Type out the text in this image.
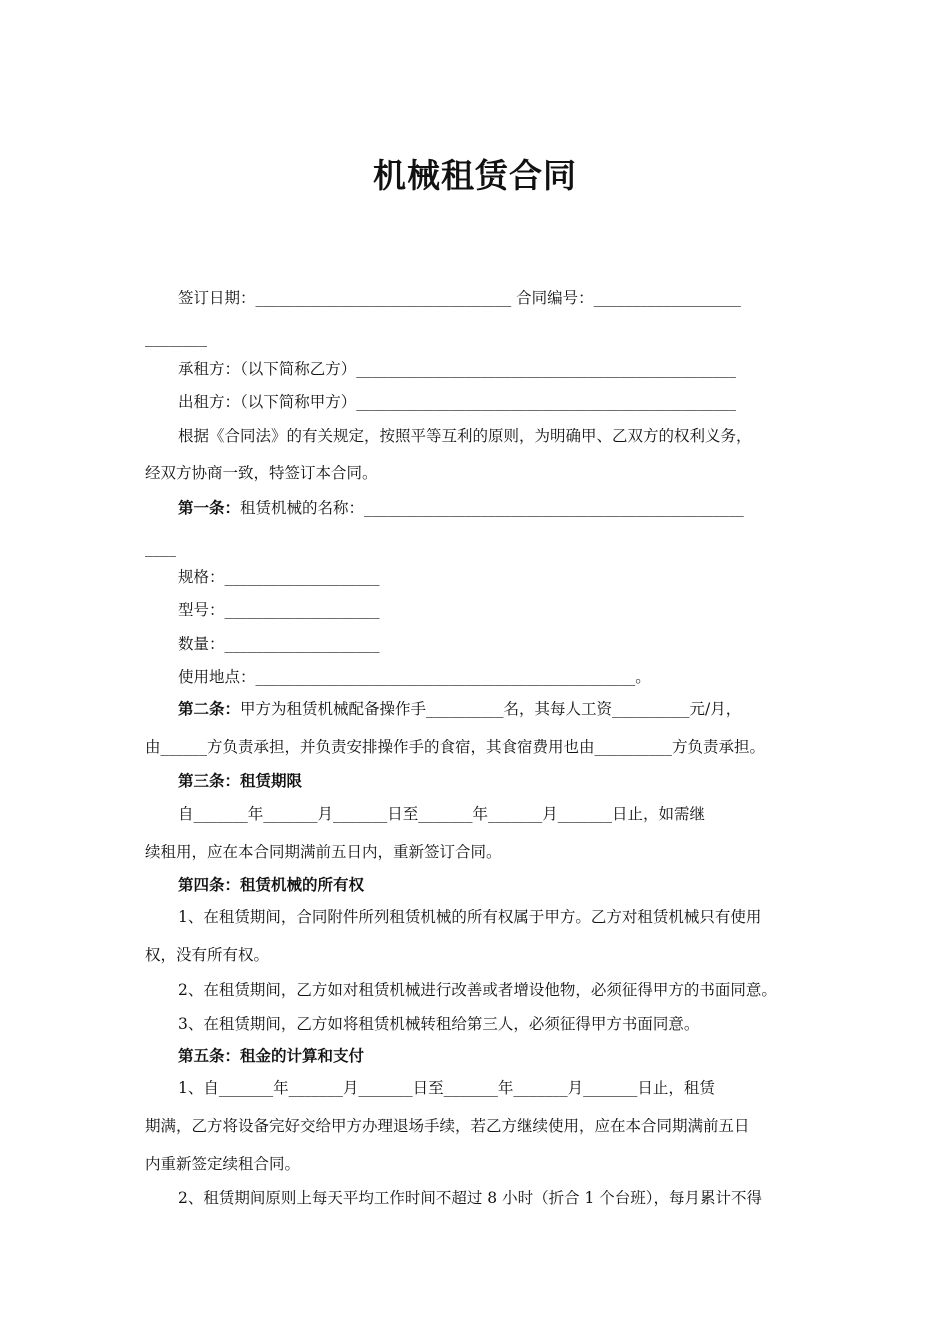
机械租赁合同
签订日期：_________________________________ 合同编号：___________________
________
承租方：（以下简称乙方）_________________________________________________
出租方：（以下简称甲方）_________________________________________________
根据《合同法》的有关规定，按照平等互利的原则，为明确甲、乙双方的权利义务，
经双方协商一致，特签订本合同。
第一条：租赁机械的名称：_________________________________________________
____
规格：____________________
型号：____________________
数量：____________________
使用地点：_________________________________________________。
第二条：甲方为租赁机械配备操作手__________名，其每人工资__________元/月，
由______方负责承担，并负责安排操作手的食宿，其食宿费用也由__________方负责承担。
第三条：租赁期限
自_______年_______月_______日至_______年_______月_______日止，如需继
续租用，应在本合同期满前五日内，重新签订合同。
第四条：租赁机械的所有权
1、在租赁期间，合同附件所列租赁机械的所有权属于甲方。乙方对租赁机械只有使用
权，没有所有权。
2、在租赁期间，乙方如对租赁机械进行改善或者增设他物，必须征得甲方的书面同意。
3、在租赁期间，乙方如将租赁机械转租给第三人，必须征得甲方书面同意。
第五条：租金的计算和支付
1、自_______年_______月_______日至_______年_______月_______日止，租赁
期满，乙方将设备完好交给甲方办理退场手续，若乙方继续使用，应在本合同期满前五日
内重新签定续租合同。
2、租赁期间原则上每天平均工作时间不超过 8 小时（折合 1 个台班），每月累计不得
